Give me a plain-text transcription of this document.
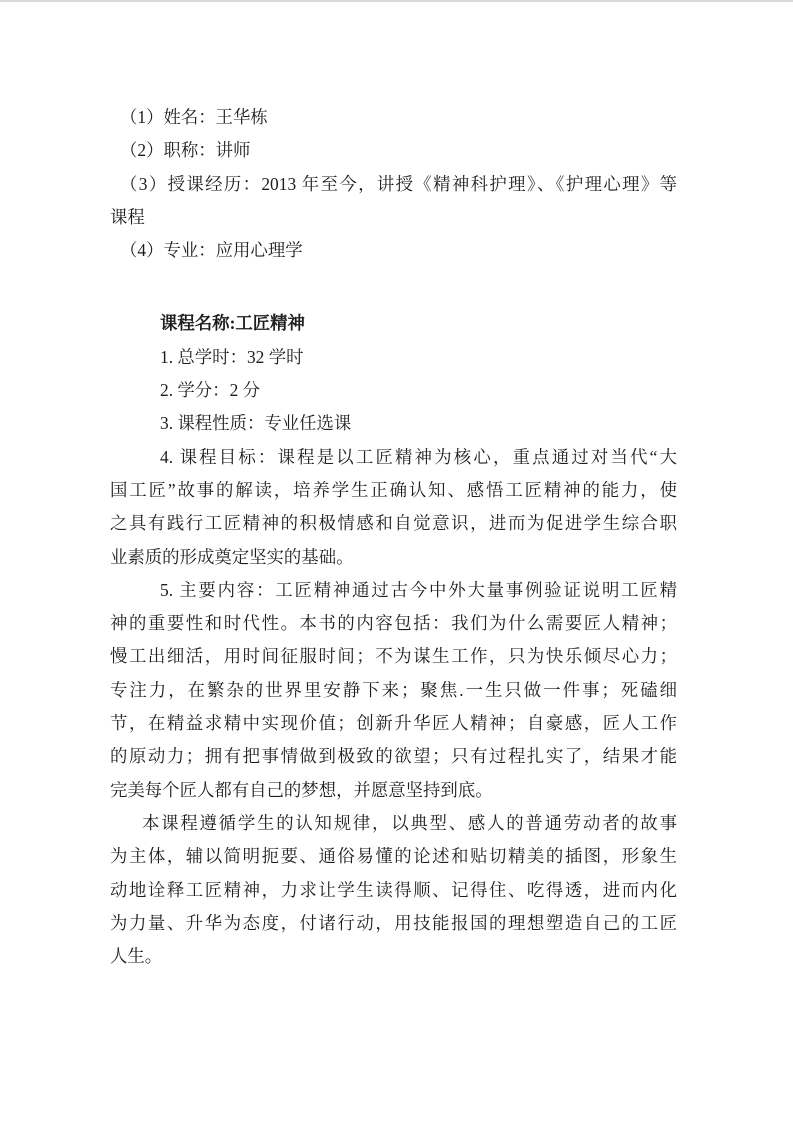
（1）姓名：王华栋
（2）职称：讲师
（3）授课经历：2013 年至今，讲授《精神科护理》、《护理心理》等
课程
（4）专业：应用心理学
课程名称:工匠精神
1. 总学时：32 学时
2. 学分：2 分
3. 课程性质：专业任选课
4. 课程目标：课程是以工匠精神为核心，重点通过对当代“大
国工匠”故事的解读，培养学生正确认知、感悟工匠精神的能力，使
之具有践行工匠精神的积极情感和自觉意识，进而为促进学生综合职
业素质的形成奠定坚实的基础。
5. 主要内容：工匠精神通过古今中外大量事例验证说明工匠精
神的重要性和时代性。本书的内容包括：我们为什么需要匠人精神；
慢工出细活，用时间征服时间；不为谋生工作，只为快乐倾尽心力；
专注力，在繁杂的世界里安静下来；聚焦.一生只做一件事；死磕细
节，在精益求精中实现价值；创新升华匠人精神；自豪感，匠人工作
的原动力；拥有把事情做到极致的欲望；只有过程扎实了，结果才能
完美每个匠人都有自己的梦想，并愿意坚持到底。
本课程遵循学生的认知规律，以典型、感人的普通劳动者的故事
为主体，辅以简明扼要、通俗易懂的论述和贴切精美的插图，形象生
动地诠释工匠精神，力求让学生读得顺、记得住、吃得透，进而内化
为力量、升华为态度，付诸行动，用技能报国的理想塑造自己的工匠
人生。
